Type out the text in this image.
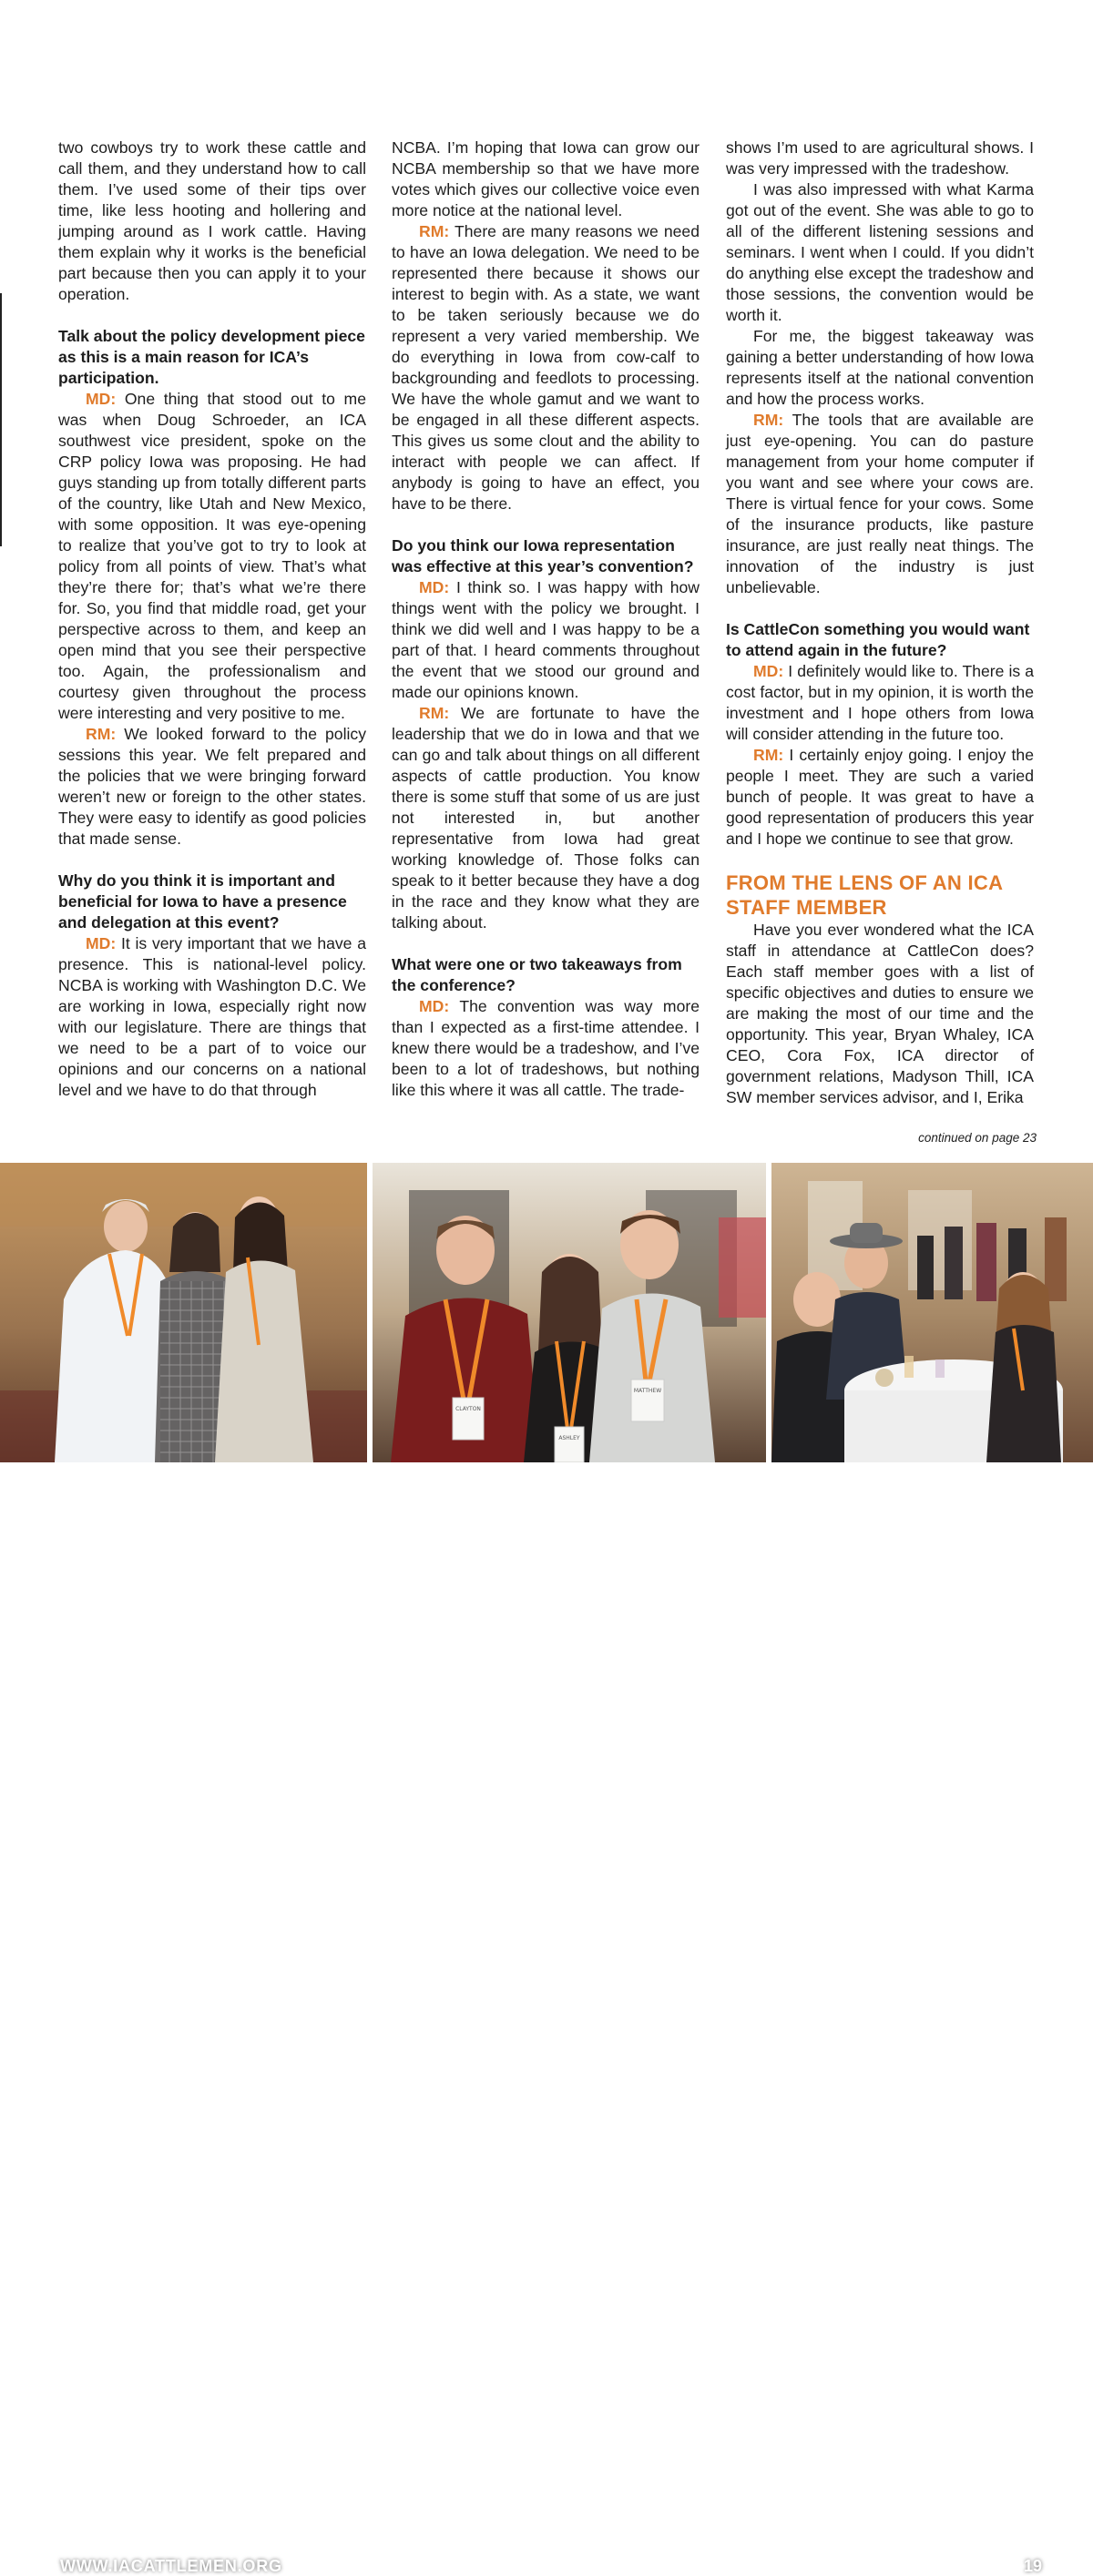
two cowboys try to work these cattle and call them, and they understand how to call them. I’ve used some of their tips over time, like less hooting and hollering and jumping around as I work cattle. Having them explain why it works is the beneficial part because then you can apply it to your operation.

Talk about the policy development piece as this is a main reason for ICA’s participation.

MD: One thing that stood out to me was when Doug Schroeder, an ICA southwest vice president, spoke on the CRP policy Iowa was proposing. He had guys standing up from totally different parts of the country, like Utah and New Mexico, with some opposition. It was eye-opening to realize that you’ve got to try to look at policy from all points of view. That’s what they’re there for; that’s what we’re there for. So, you find that middle road, get your perspective across to them, and keep an open mind that you see their perspective too. Again, the professionalism and courtesy given throughout the process were interesting and very positive to me.

RM: We looked forward to the policy sessions this year. We felt prepared and the policies that we were bringing forward weren’t new or foreign to the other states. They were easy to identify as good policies that made sense.

Why do you think it is important and beneficial for Iowa to have a presence and delegation at this event?

MD: It is very important that we have a presence. This is national-level policy. NCBA is working with Washington D.C. We are working in Iowa, especially right now with our legislature. There are things that we need to be a part of to voice our opinions and our concerns on a national level and we have to do that through

NCBA. I’m hoping that Iowa can grow our NCBA membership so that we have more votes which gives our collective voice even more notice at the national level.

RM: There are many reasons we need to have an Iowa delegation. We need to be represented there because it shows our interest to begin with. As a state, we want to be taken seriously because we do represent a very varied membership. We do everything in Iowa from cow-calf to backgrounding and feedlots to processing. We have the whole gamut and we want to be engaged in all these different aspects. This gives us some clout and the ability to interact with people we can affect. If anybody is going to have an effect, you have to be there.

Do you think our Iowa representation was effective at this year’s convention?

MD: I think so. I was happy with how things went with the policy we brought. I think we did well and I was happy to be a part of that. I heard comments throughout the event that we stood our ground and made our opinions known.

RM: We are fortunate to have the leadership that we do in Iowa and that we can go and talk about things on all different aspects of cattle production. You know there is some stuff that some of us are just not interested in, but another representative from Iowa had great working knowledge of. Those folks can speak to it better because they have a dog in the race and they know what they are talking about.

What were one or two takeaways from the conference?

MD: The convention was way more than I expected as a first-time attendee. I knew there would be a tradeshow, and I’ve been to a lot of tradeshows, but nothing like this where it was all cattle. The trade-

shows I’m used to are agricultural shows. I was very impressed with the tradeshow.

I was also impressed with what Karma got out of the event. She was able to go to all of the different listening sessions and seminars. I went when I could. If you didn’t do anything else except the tradeshow and those sessions, the convention would be worth it.

For me, the biggest takeaway was gaining a better understanding of how Iowa represents itself at the national convention and how the process works.

RM: The tools that are available are just eye-opening. You can do pasture management from your home computer if you want and see where your cows are. There is virtual fence for your cows. Some of the insurance products, like pasture insurance, are just really neat things. The innovation of the industry is just unbelievable.

Is CattleCon something you would want to attend again in the future?

MD: I definitely would like to. There is a cost factor, but in my opinion, it is worth the investment and I hope others from Iowa will consider attending in the future too.

RM: I certainly enjoy going. I enjoy the people I meet. They are such a varied bunch of people. It was great to have a good representation of producers this year and I hope we continue to see that grow.

FROM THE LENS OF AN ICA STAFF MEMBER

Have you ever wondered what the ICA staff in attendance at CattleCon does? Each staff member goes with a list of specific objectives and duties to ensure we are making the most of our time and the opportunity. This year, Bryan Whaley, ICA CEO, Cora Fox, ICA director of government relations, Madyson Thill, ICA SW member services advisor, and I, Erika

continued on page 23
CLAYTON
ASHLEY
MATTHEW
WWW.IACATTLEMEN.ORG	19
